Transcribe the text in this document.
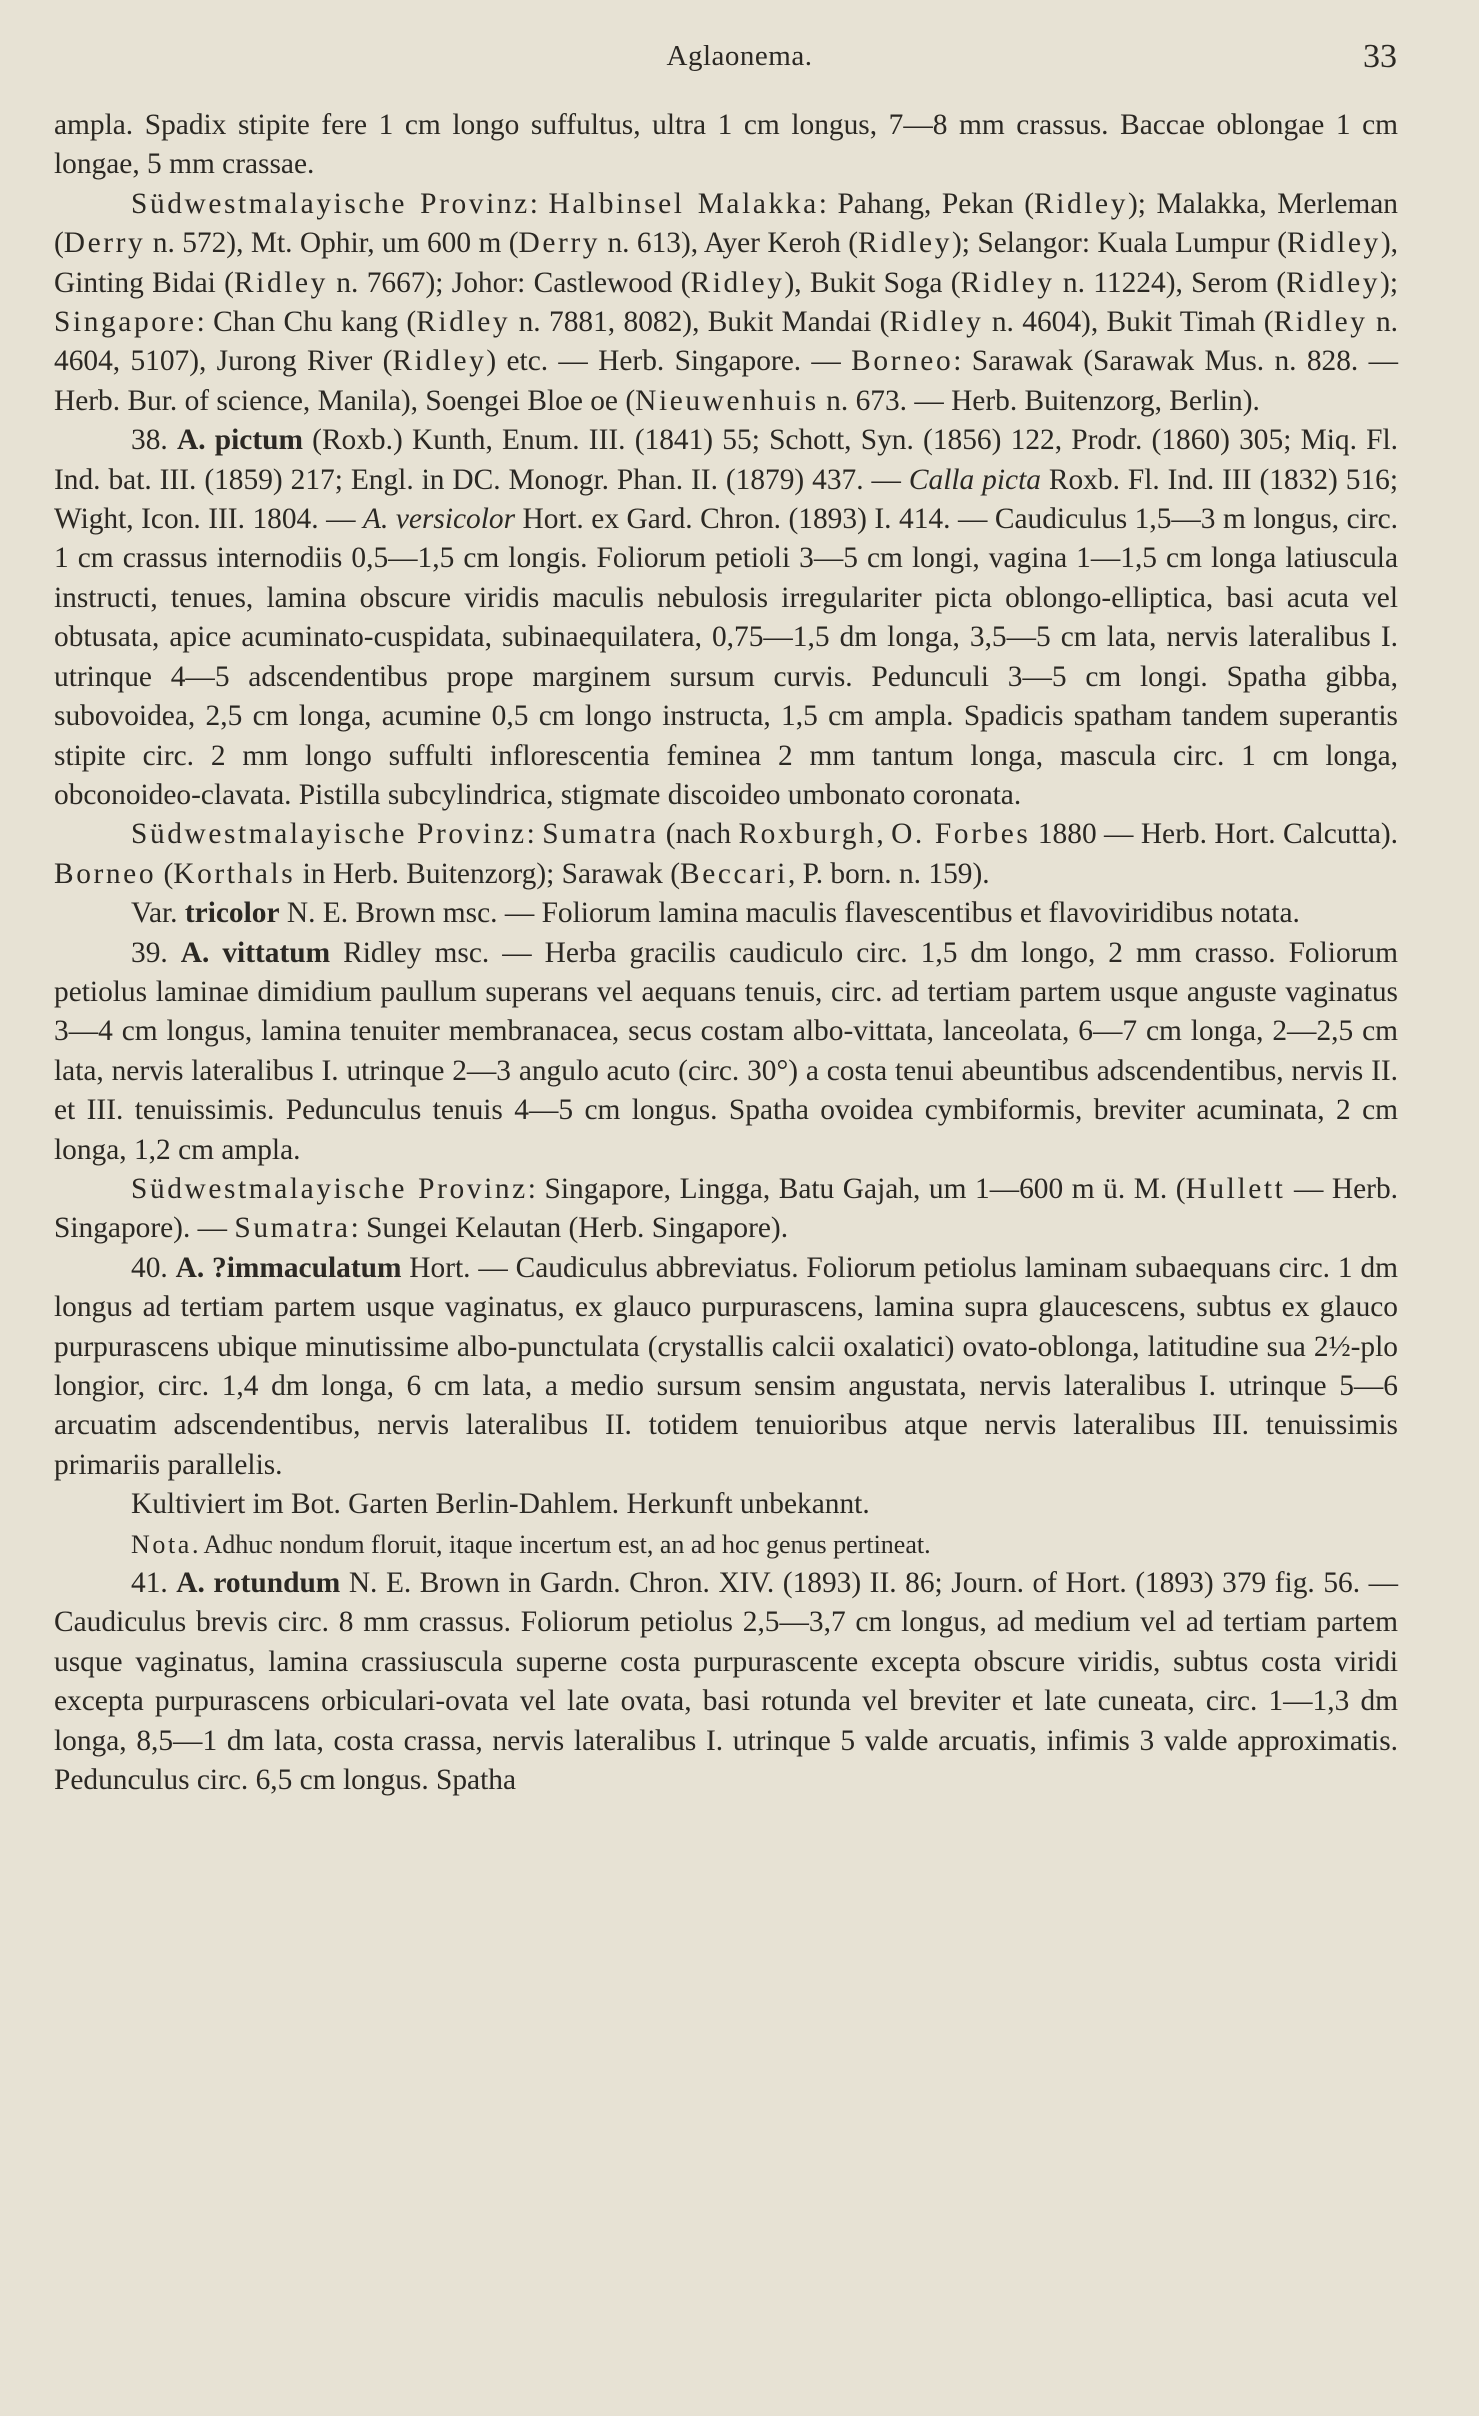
Aglaonema.	33

ampla. Spadix stipite fere 1 cm longo suffultus, ultra 1 cm longus, 7—8 mm crassus. Baccae oblongae 1 cm longae, 5 mm crassae.

Südwestmalayische Provinz: Halbinsel Malakka: Pahang, Pekan (Ridley); Malakka, Merleman (Derry n. 572), Mt. Ophir, um 600 m (Derry n. 613), Ayer Keroh (Ridley); Selangor: Kuala Lumpur (Ridley), Ginting Bidai (Ridley n. 7667); Johor: Castlewood (Ridley), Bukit Soga (Ridley n. 11224), Serom (Ridley); Singapore: Chan Chu kang (Ridley n. 7881, 8082), Bukit Mandai (Ridley n. 4604), Bukit Timah (Ridley n. 4604, 5107), Jurong River (Ridley) etc. — Herb. Singapore. — Borneo: Sarawak (Sarawak Mus. n. 828. — Herb. Bur. of science, Manila), Soengei Bloe oe (Nieuwenhuis n. 673. — Herb. Buitenzorg, Berlin).

38. A. pictum (Roxb.) Kunth, Enum. III. (1841) 55; Schott, Syn. (1856) 122, Prodr. (1860) 305; Miq. Fl. Ind. bat. III. (1859) 217; Engl. in DC. Monogr. Phan. II. (1879) 437. — Calla picta Roxb. Fl. Ind. III (1832) 516; Wight, Icon. III. 1804. — A. versicolor Hort. ex Gard. Chron. (1893) I. 414. — Caudiculus 1,5—3 m longus, circ. 1 cm crassus internodiis 0,5—1,5 cm longis. Foliorum petioli 3—5 cm longi, vagina 1—1,5 cm longa latiuscula instructi, tenues, lamina obscure viridis maculis nebulosis irregulariter picta oblongo-elliptica, basi acuta vel obtusata, apice acuminato-cuspidata, subinaequilatera, 0,75—1,5 dm longa, 3,5—5 cm lata, nervis lateralibus I. utrinque 4—5 adscendentibus prope marginem sursum curvis. Pedunculi 3—5 cm longi. Spatha gibba, subovoidea, 2,5 cm longa, acumine 0,5 cm longo instructa, 1,5 cm ampla. Spadicis spatham tandem superantis stipite circ. 2 mm longo suffulti inflorescentia feminea 2 mm tantum longa, mascula circ. 1 cm longa, obconoideo-clavata. Pistilla subcylindrica, stigmate discoideo umbonato coronata.

Südwestmalayische Provinz: Sumatra (nach Roxburgh, O. Forbes 1880 — Herb. Hort. Calcutta). Borneo (Korthals in Herb. Buitenzorg); Sarawak (Beccari, P. born. n. 159).

Var. tricolor N. E. Brown msc. — Foliorum lamina maculis flavescentibus et flavoviridibus notata.

39. A. vittatum Ridley msc. — Herba gracilis caudiculo circ. 1,5 dm longo, 2 mm crasso. Foliorum petiolus laminae dimidium paullum superans vel aequans tenuis, circ. ad tertiam partem usque anguste vaginatus 3—4 cm longus, lamina tenuiter membranacea, secus costam albo-vittata, lanceolata, 6—7 cm longa, 2—2,5 cm lata, nervis lateralibus I. utrinque 2—3 angulo acuto (circ. 30°) a costa tenui abeuntibus adscendentibus, nervis II. et III. tenuissimis. Pedunculus tenuis 4—5 cm longus. Spatha ovoidea cymbiformis, breviter acuminata, 2 cm longa, 1,2 cm ampla.

Südwestmalayische Provinz: Singapore, Lingga, Batu Gajah, um 1—600 m ü. M. (Hullett — Herb. Singapore). — Sumatra: Sungei Kelautan (Herb. Singapore).

40. A. ?immaculatum Hort. — Caudiculus abbreviatus. Foliorum petiolus laminam subaequans circ. 1 dm longus ad tertiam partem usque vaginatus, ex glauco purpurascens, lamina supra glaucescens, subtus ex glauco purpurascens ubique minutissime albo-punctulata (crystallis calcii oxalatici) ovato-oblonga, latitudine sua 2½-plo longior, circ. 1,4 dm longa, 6 cm lata, a medio sursum sensim angustata, nervis lateralibus I. utrinque 5—6 arcuatim adscendentibus, nervis lateralibus II. totidem tenuioribus atque nervis lateralibus III. tenuissimis primariis parallelis.

Kultiviert im Bot. Garten Berlin-Dahlem. Herkunft unbekannt.

Nota. Adhuc nondum floruit, itaque incertum est, an ad hoc genus pertineat.

41. A. rotundum N. E. Brown in Gardn. Chron. XIV. (1893) II. 86; Journ. of Hort. (1893) 379 fig. 56. — Caudiculus brevis circ. 8 mm crassus. Foliorum petiolus 2,5—3,7 cm longus, ad medium vel ad tertiam partem usque vaginatus, lamina crassiuscula superne costa purpurascente excepta obscure viridis, subtus costa viridi excepta purpurascens orbiculari-ovata vel late ovata, basi rotunda vel breviter et late cuneata, circ. 1—1,3 dm longa, 8,5—1 dm lata, costa crassa, nervis lateralibus I. utrinque 5 valde arcuatis, infimis 3 valde approximatis. Pedunculus circ. 6,5 cm longus. Spatha
